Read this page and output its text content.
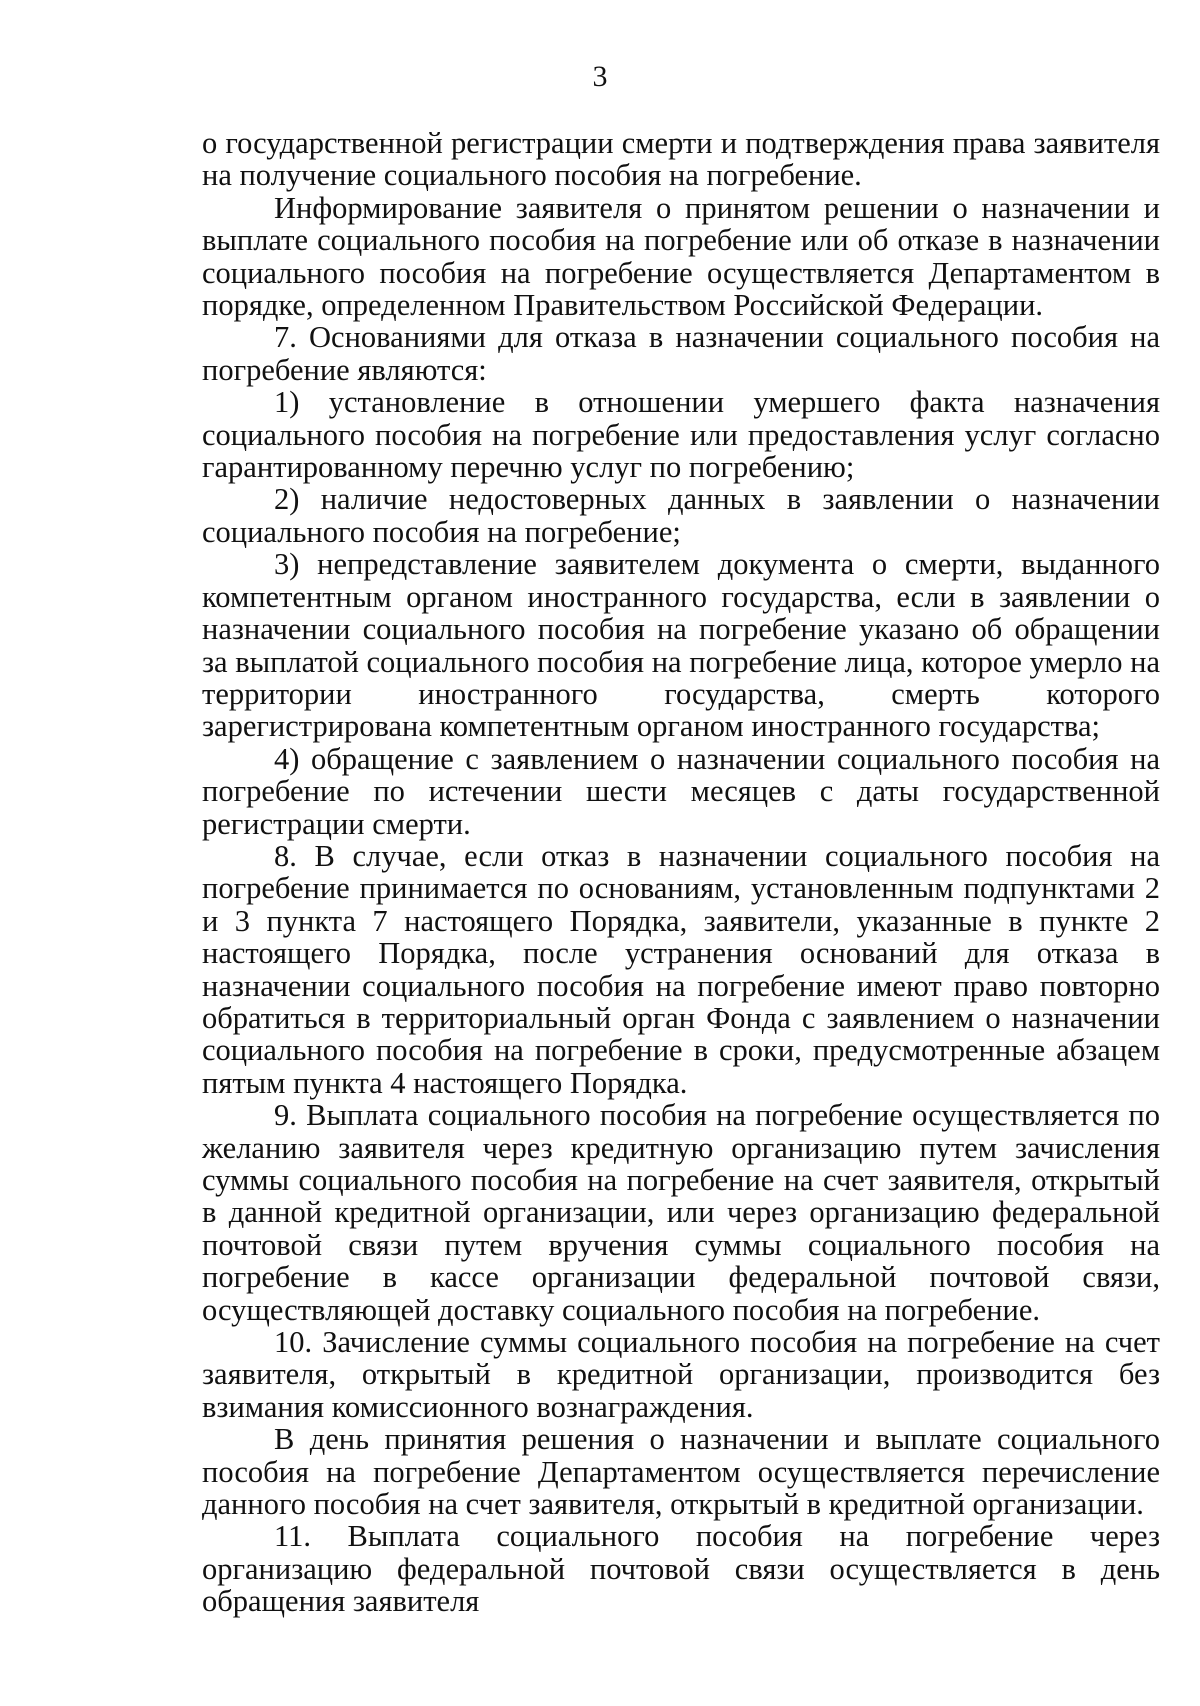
3

о государственной регистрации смерти и подтверждения права заявителя на получение социального пособия на погребение.

Информирование заявителя о принятом решении о назначении и выплате социального пособия на погребение или об отказе в назначении социального пособия на погребение осуществляется Департаментом в порядке, определенном Правительством Российской Федерации.

7. Основаниями для отказа в назначении социального пособия на погребение являются:

1) установление в отношении умершего факта назначения социального пособия на погребение или предоставления услуг согласно гарантированному перечню услуг по погребению;

2) наличие недостоверных данных в заявлении о назначении социального пособия на погребение;

3) непредставление заявителем документа о смерти, выданного компетентным органом иностранного государства, если в заявлении о назначении социального пособия на погребение указано об обращении за выплатой социального пособия на погребение лица, которое умерло на территории иностранного государства, смерть которого зарегистрирована компетентным органом иностранного государства;

4) обращение с заявлением о назначении социального пособия на погребение по истечении шести месяцев с даты государственной регистрации смерти.

8. В случае, если отказ в назначении социального пособия на погребение принимается по основаниям, установленным подпунктами 2 и 3 пункта 7 настоящего Порядка, заявители, указанные в пункте 2 настоящего Порядка, после устранения оснований для отказа в назначении социального пособия на погребение имеют право повторно обратиться в территориальный орган Фонда с заявлением о назначении социального пособия на погребение в сроки, предусмотренные абзацем пятым пункта 4 настоящего Порядка.

9. Выплата социального пособия на погребение осуществляется по желанию заявителя через кредитную организацию путем зачисления суммы социального пособия на погребение на счет заявителя, открытый в данной кредитной организации, или через организацию федеральной почтовой связи путем вручения суммы социального пособия на погребение в кассе организации федеральной почтовой связи, осуществляющей доставку социального пособия на погребение.

10. Зачисление суммы социального пособия на погребение на счет заявителя, открытый в кредитной организации, производится без взимания комиссионного вознаграждения.

В день принятия решения о назначении и выплате социального пособия на погребение Департаментом осуществляется перечисление данного пособия на счет заявителя, открытый в кредитной организации.

11. Выплата социального пособия на погребение через организацию федеральной почтовой связи осуществляется в день обращения заявителя
